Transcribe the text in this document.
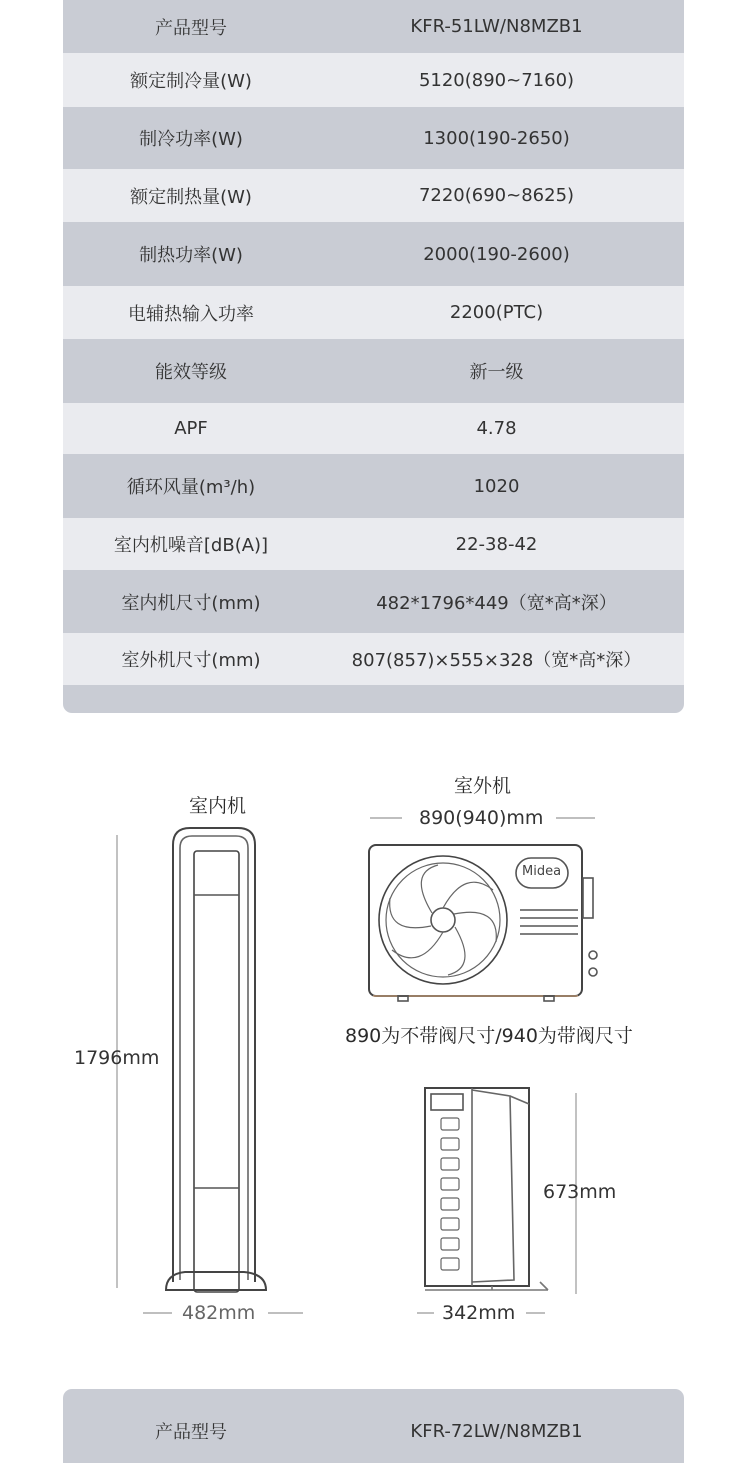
产品型号	KFR-51LW/N8MZB1
额定制冷量(W)	5120(890~7160)
制冷功率(W)	1300(190-2650)
额定制热量(W)	7220(690~8625)
制热功率(W)	2000(190-2600)
电辅热输入功率	2200(PTC)
能效等级	新一级
APF	4.78
循环风量(m³/h)	1020
室内机噪音[dB(A)]	22-38-42
室内机尺寸(mm)	482*1796*449（宽*高*深）
室外机尺寸(mm)	807(857)×555×328（宽*高*深）
Midea
室内机
室外机
1796mm
482mm
890(940)mm
890为不带阀尺寸/940为带阀尺寸
673mm
342mm
产品型号	KFR-72LW/N8MZB1
